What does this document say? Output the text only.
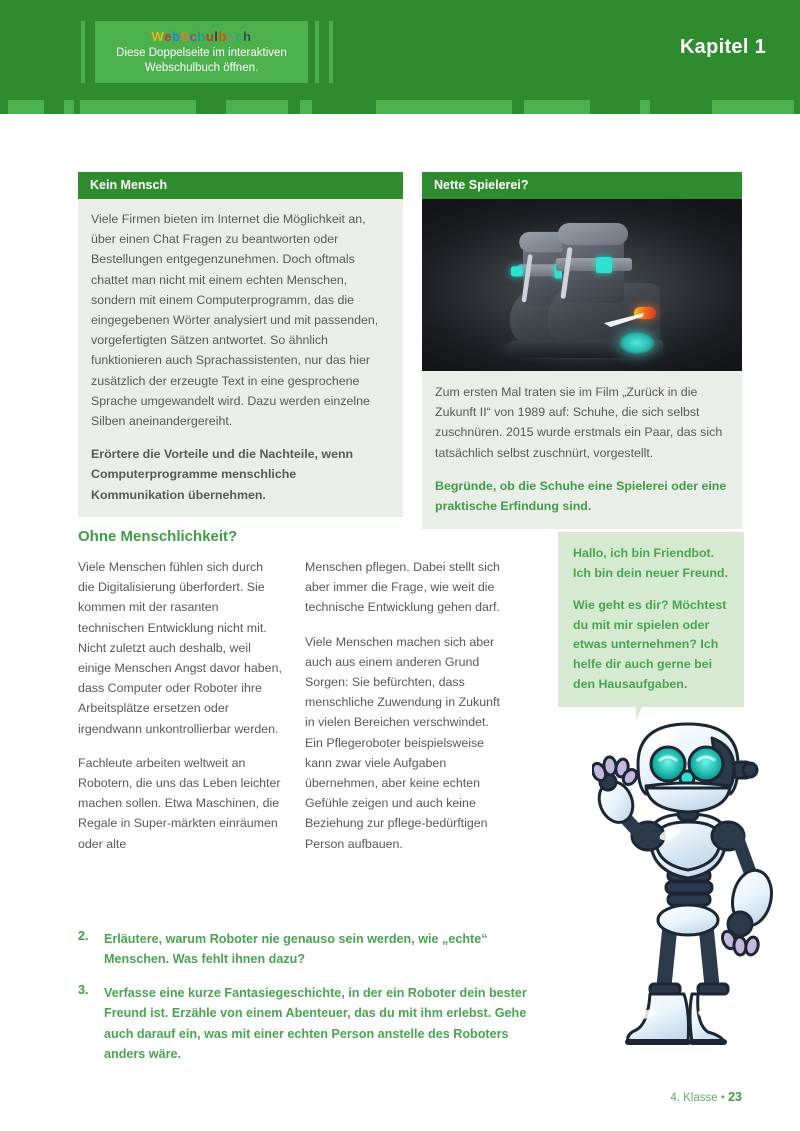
WebSchulbuch
Diese Doppelseite im interaktiven
Webschulbuch öffnen.
Kapitel 1
Kein Mensch

Viele Firmen bieten im Internet die Möglichkeit an, über einen Chat Fragen zu beantworten oder Bestellungen entgegenzunehmen. Doch oftmals chattet man nicht mit einem echten Menschen, sondern mit einem Computerprogramm, das die eingegebenen Wörter analysiert und mit passenden, vorgefertigten Sätzen antwortet. So ähnlich funktionieren auch Sprachassistenten, nur das hier zusätzlich der erzeugte Text in eine gesprochene Sprache umgewandelt wird. Dazu werden einzelne Silben aneinandergereiht.

Erörtere die Vorteile und die Nachteile, wenn Computerprogramme menschliche Kommunikation übernehmen.

Nette Spielerei?

Zum ersten Mal traten sie im Film „Zurück in die Zukunft II“ von 1989 auf: Schuhe, die sich selbst zuschnüren. 2015 wurde erstmals ein Paar, das sich tatsächlich selbst zuschnürt, vorgestellt.

Begründe, ob die Schuhe eine Spielerei oder eine praktische Erfindung sind.

Ohne Menschlichkeit?

Viele Menschen fühlen sich durch die Digitalisierung überfordert. Sie kommen mit der rasanten technischen Entwicklung nicht mit. Nicht zuletzt auch deshalb, weil einige Menschen Angst davor haben, dass Computer oder Roboter ihre Arbeitsplätze ersetzen oder irgendwann unkontrollierbar werden.

Fachleute arbeiten weltweit an Robotern, die uns das Leben leichter machen sollen. Etwa Maschinen, die Regale in Super-märkten einräumen oder alte

Menschen pflegen. Dabei stellt sich aber immer die Frage, wie weit die technische Entwicklung gehen darf.

Viele Menschen machen sich aber auch aus einem anderen Grund Sorgen: Sie befürchten, dass menschliche Zuwendung in Zukunft in vielen Bereichen verschwindet. Ein Pflegeroboter beispielsweise kann zwar viele Aufgaben übernehmen, aber keine echten Gefühle zeigen und auch keine Beziehung zur pflege-bedürftigen Person aufbauen.

Hallo, ich bin Friendbot. Ich bin dein neuer Freund.

Wie geht es dir? Möchtest du mit mir spielen oder etwas unternehmen? Ich helfe dir auch gerne bei den Hausaufgaben.

2.	Erläutere, warum Roboter nie genauso sein werden, wie „echte“ Menschen. Was fehlt ihnen dazu?
3.	Verfasse eine kurze Fantasiegeschichte, in der ein Roboter dein bester Freund ist. Erzähle von einem Abenteuer, das du mit ihm erlebst. Gehe auch darauf ein, was mit einer echten Person anstelle des Roboters anders wäre.
4. Klasse • 23
